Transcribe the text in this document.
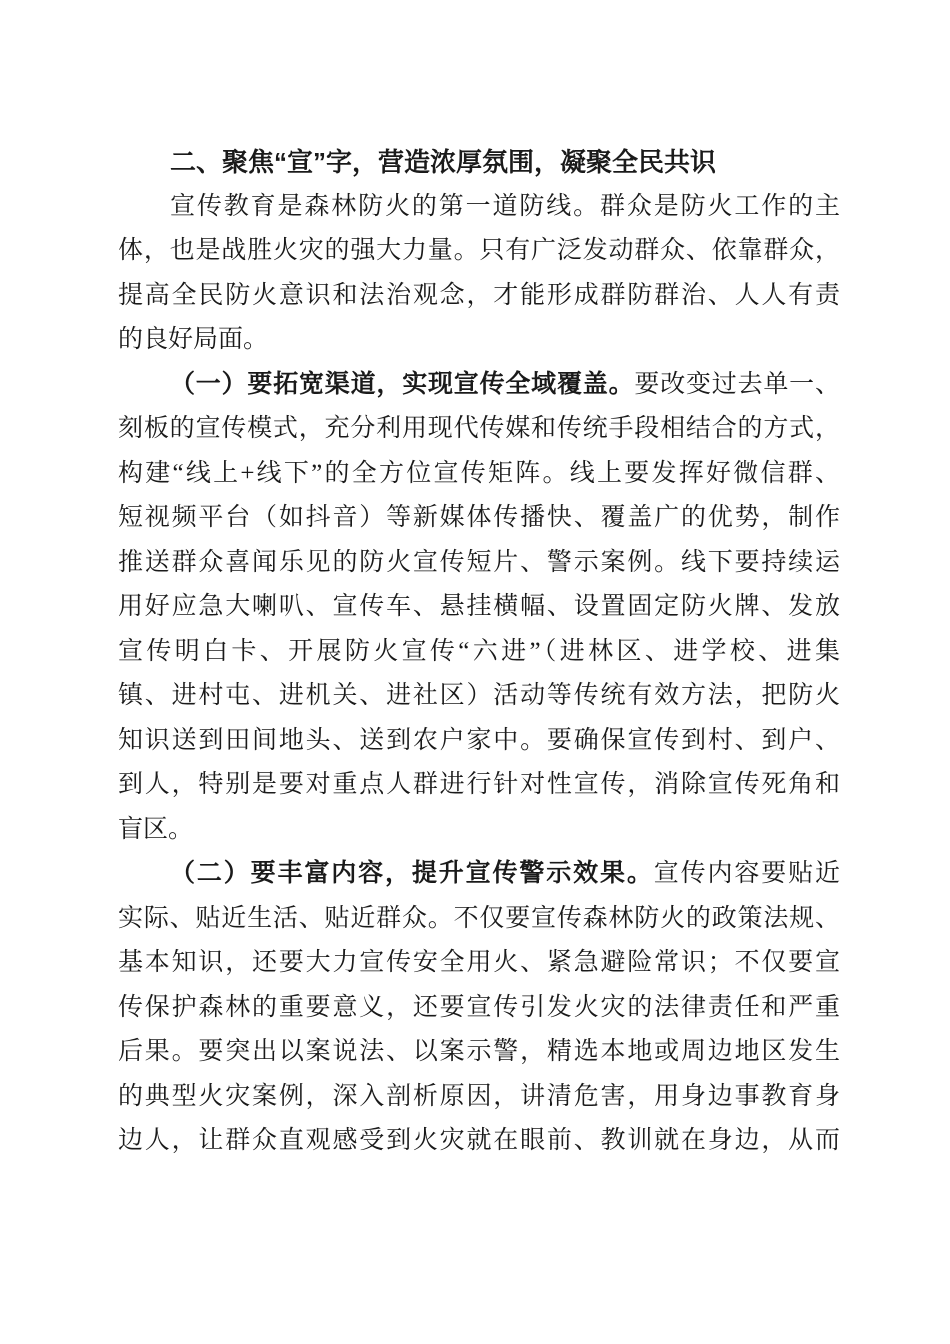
二、聚焦“宣”字，营造浓厚氛围，凝聚全民共识
宣传教育是森林防火的第一道防线。群众是防火工作的主
体，也是战胜火灾的强大力量。只有广泛发动群众、依靠群众，
提高全民防火意识和法治观念，才能形成群防群治、人人有责
的良好局面。
（一）要拓宽渠道，实现宣传全域覆盖。要改变过去单一、
刻板的宣传模式，充分利用现代传媒和传统手段相结合的方式，
构建“线上+线下”的全方位宣传矩阵。线上要发挥好微信群、
短视频平台（如抖音）等新媒体传播快、覆盖广的优势，制作
推送群众喜闻乐见的防火宣传短片、警示案例。线下要持续运
用好应急大喇叭、宣传车、悬挂横幅、设置固定防火牌、发放
宣传明白卡、开展防火宣传“六进”（进林区、进学校、进集
镇、进村屯、进机关、进社区）活动等传统有效方法，把防火
知识送到田间地头、送到农户家中。要确保宣传到村、到户、
到人，特别是要对重点人群进行针对性宣传，消除宣传死角和
盲区。
（二）要丰富内容，提升宣传警示效果。宣传内容要贴近
实际、贴近生活、贴近群众。不仅要宣传森林防火的政策法规、
基本知识，还要大力宣传安全用火、紧急避险常识；不仅要宣
传保护森林的重要意义，还要宣传引发火灾的法律责任和严重
后果。要突出以案说法、以案示警，精选本地或周边地区发生
的典型火灾案例，深入剖析原因，讲清危害，用身边事教育身
边人，让群众直观感受到火灾就在眼前、教训就在身边，从而
